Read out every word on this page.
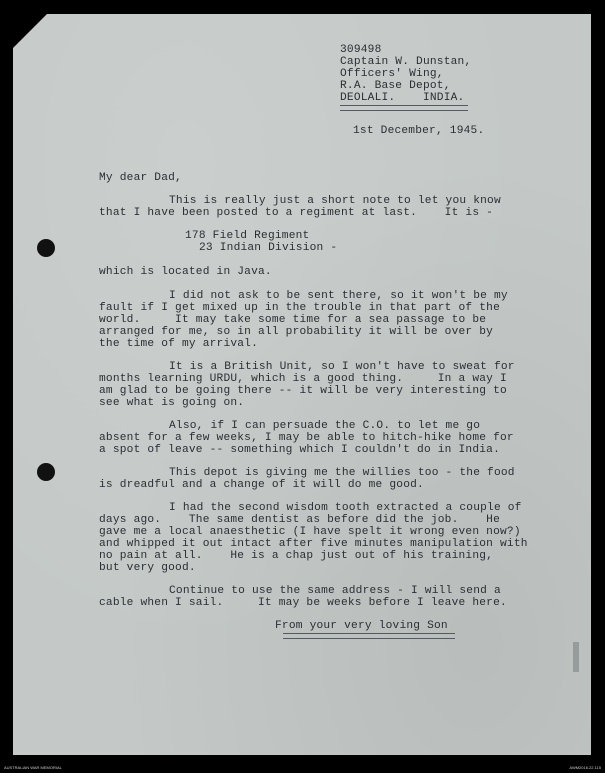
309498
Captain W. Dunstan,
Officers' Wing,
R.A. Base Depot,
DEOLALI.    INDIA.
1st December, 1945.
My dear Dad,
This is really just a short note to let you know
that I have been posted to a regiment at last.    It is -
178 Field Regiment
23 Indian Division -
which is located in Java.
I did not ask to be sent there, so it won't be my
fault if I get mixed up in the trouble in that part of the
world.     It may take some time for a sea passage to be
arranged for me, so in all probability it will be over by
the time of my arrival.
It is a British Unit, so I won't have to sweat for
months learning URDU, which is a good thing.     In a way I
am glad to be going there -- it will be very interesting to
see what is going on.
Also, if I can persuade the C.O. to let me go
absent for a few weeks, I may be able to hitch-hike home for
a spot of leave -- something which I couldn't do in India.
This depot is giving me the willies too - the food
is dreadful and a change of it will do me good.
I had the second wisdom tooth extracted a couple of
days ago.    The same dentist as before did the job.    He
gave me a local anaesthetic (I have spelt it wrong even now?)
and whipped it out intact after five minutes manipulation with
no pain at all.    He is a chap just out of his training,
but very good.
Continue to use the same address - I will send a
cable when I sail.     It may be weeks before I leave here.
From your very loving Son
AUSTRALIAN WAR MEMORIAL	AWM2016.22.115
